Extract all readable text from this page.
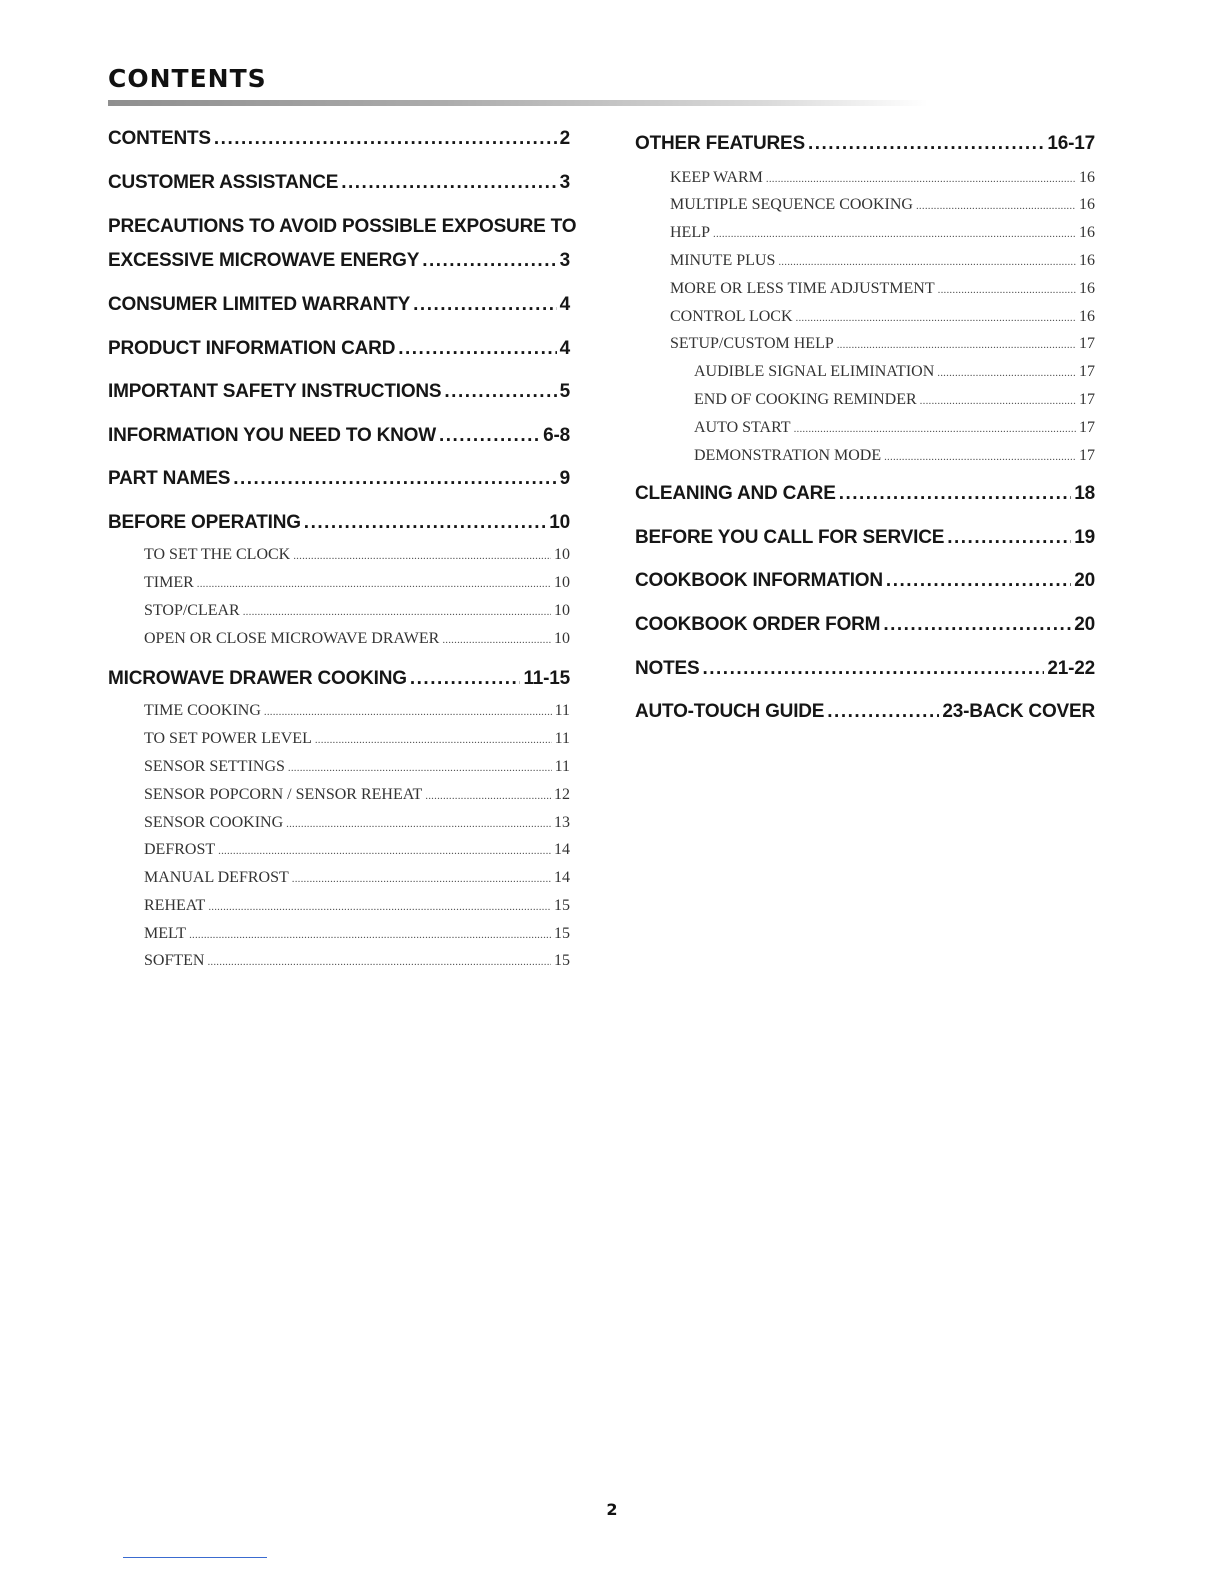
CONTENTS
CONTENTS .....	2
CUSTOMER ASSISTANCE .....	3
PRECAUTIONS TO AVOID POSSIBLE EXPOSURE TO
EXCESSIVE MICROWAVE ENERGY .....	3
CONSUMER LIMITED WARRANTY .....	4
PRODUCT INFORMATION CARD .....	4
IMPORTANT SAFETY INSTRUCTIONS .....	5
INFORMATION YOU NEED TO KNOW .....	6-8
PART NAMES .....	9
BEFORE OPERATING .....	10
TO SET THE CLOCK .....	10
TIMER .....	10
STOP/CLEAR .....	10
OPEN OR CLOSE MICROWAVE DRAWER .....	10
MICROWAVE DRAWER COOKING .....	11-15
TIME COOKING .....	11
TO SET POWER LEVEL .....	11
SENSOR SETTINGS .....	11
SENSOR POPCORN / SENSOR REHEAT .....	12
SENSOR COOKING .....	13
DEFROST .....	14
MANUAL DEFROST .....	14
REHEAT .....	15
MELT .....	15
SOFTEN .....	15
OTHER FEATURES .....	16-17
KEEP WARM .....	16
MULTIPLE SEQUENCE COOKING .....	16
HELP .....	16
MINUTE PLUS .....	16
MORE OR LESS TIME ADJUSTMENT .....	16
CONTROL LOCK .....	16
SETUP/CUSTOM HELP .....	17
AUDIBLE SIGNAL ELIMINATION .....	17
END OF COOKING REMINDER .....	17
AUTO START .....	17
DEMONSTRATION MODE .....	17
CLEANING AND CARE .....	18
BEFORE YOU CALL FOR SERVICE .....	19
COOKBOOK INFORMATION .....	20
COOKBOOK ORDER FORM .....	20
NOTES .....	21-22
AUTO-TOUCH GUIDE .....	23-BACK COVER
2
